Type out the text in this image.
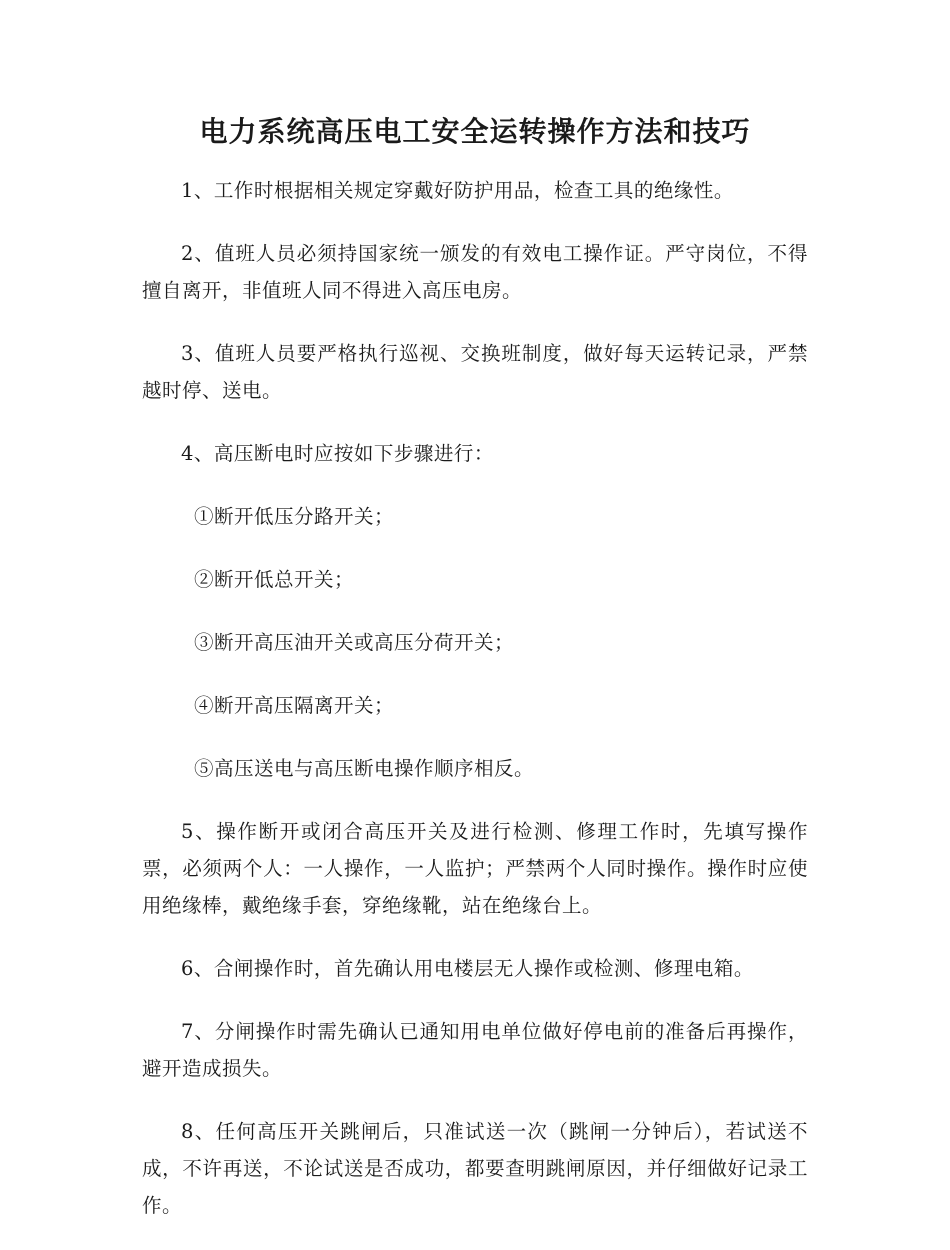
电力系统高压电工安全运转操作方法和技巧

1、工作时根据相关规定穿戴好防护用品，检查工具的绝缘性。

2、值班人员必须持国家统一颁发的有效电工操作证。严守岗位，不得擅自离开，非值班人同不得进入高压电房。

3、值班人员要严格执行巡视、交换班制度，做好每天运转记录，严禁越时停、送电。

4、高压断电时应按如下步骤进行：

①断开低压分路开关；

②断开低总开关；

③断开高压油开关或高压分荷开关；

④断开高压隔离开关；

⑤高压送电与高压断电操作顺序相反。

5、操作断开或闭合高压开关及进行检测、修理工作时，先填写操作票，必须两个人：一人操作，一人监护；严禁两个人同时操作。操作时应使用绝缘棒，戴绝缘手套，穿绝缘靴，站在绝缘台上。

6、合闸操作时，首先确认用电楼层无人操作或检测、修理电箱。

7、分闸操作时需先确认已通知用电单位做好停电前的准备后再操作，避开造成损失。

8、任何高压开关跳闸后，只准试送一次（跳闸一分钟后），若试送不成，不许再送，不论试送是否成功，都要查明跳闸原因，并仔细做好记录工作。
